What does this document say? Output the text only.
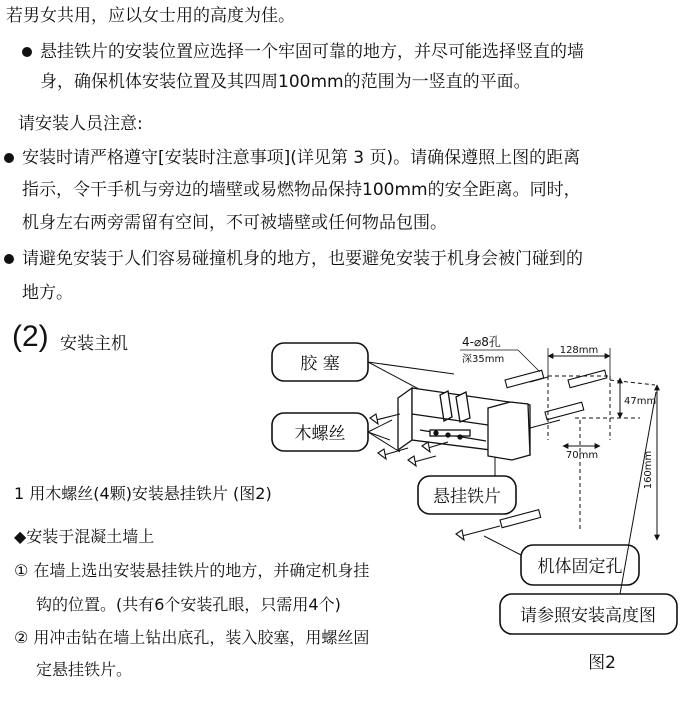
若男女共用，应以女士用的高度为佳。
悬挂铁片的安装位置应选择一个牢固可靠的地方，并尽可能选择竖直的墙
身，确保机体安装位置及其四周100mm的范围为一竖直的平面。
请安装人员注意:
安装时请严格遵守[安装时注意事项](详见第 3 页)。请确保遵照上图的距离
指示，令干手机与旁边的墙壁或易燃物品保持100mm的安全距离。同时，
机身左右两旁需留有空间，不可被墙壁或任何物品包围。
请避免安装于人们容易碰撞机身的地方，也要避免安装于机身会被门碰到的
地方。
(2) 安装主机
1 用木螺丝(4颗)安装悬挂铁片 (图2)
◆安装于混凝土墙上
① 在墙上选出安装悬挂铁片的地方，并确定机身挂
钩的位置。(共有6个安装孔眼，只需用4个)
② 用冲击钻在墙上钻出底孔，装入胶塞，用螺丝固
定悬挂铁片。
胶 塞
木螺丝
悬挂铁片
机体固定孔
请参照安装高度图
图2
128mm
47mm
70mm	160mm
4-⌀8孔
深35mm
